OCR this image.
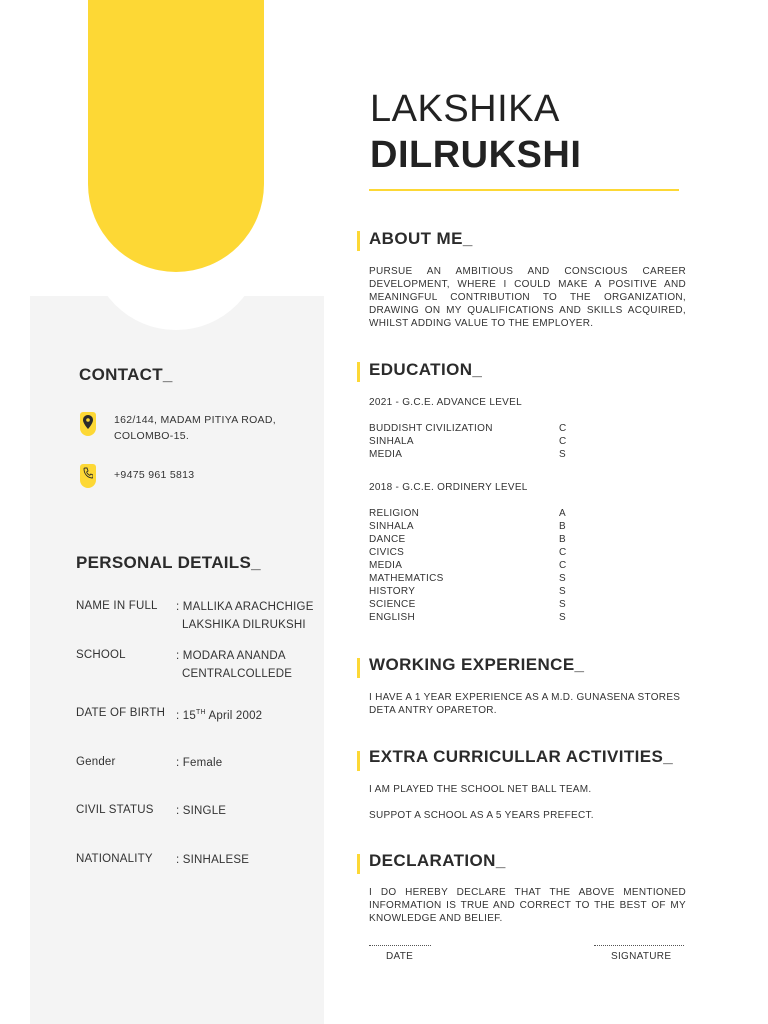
LAKSHIKA
DILRUKSHI
CONTACT_
162/144, MADAM PITIYA ROAD,
COLOMBO-15.
+9475 961 5813
PERSONAL DETAILS_
NAME IN FULL : MALLIKA ARACHCHIGE
LAKSHIKA DILRUKSHI
SCHOOL	: MODARA ANANDA
CENTRALCOLLEDE
DATE OF BIRTH : 15TH April 2002
Gender	: Female
CIVIL STATUS : SINGLE
NATIONALITY : SINHALESE
ABOUT ME_
PURSUE AN AMBITIOUS AND CONSCIOUS CAREER DEVELOPMENT, WHERE I COULD MAKE A POSITIVE AND MEANINGFUL CONTRIBUTION TO THE ORGANIZATION, DRAWING ON MY QUALIFICATIONS AND SKILLS ACQUIRED, WHILST ADDING VALUE TO THE EMPLOYER.
EDUCATION_
2021 - G.C.E. ADVANCE LEVEL
BUDDISHT CIVILIZATION	C
SINHALA	C
MEDIA	S
2018 - G.C.E. ORDINERY LEVEL
RELIGION	A
SINHALA	B
DANCE	B
CIVICS	C
MEDIA	C
MATHEMATICS	S
HISTORY	S
SCIENCE	S
ENGLISH	S
WORKING EXPERIENCE_
I HAVE A 1 YEAR EXPERIENCE AS A M.D. GUNASENA STORES
DETA ANTRY OPARETOR.
EXTRA CURRICULLAR ACTIVITIES_
I AM PLAYED THE SCHOOL NET BALL TEAM.
SUPPOT A SCHOOL AS A 5 YEARS PREFECT.
DECLARATION_
I DO HEREBY DECLARE THAT THE ABOVE MENTIONED INFORMATION IS TRUE AND CORRECT TO THE BEST OF MY KNOWLEDGE AND BELIEF.
DATE	SIGNATURE
